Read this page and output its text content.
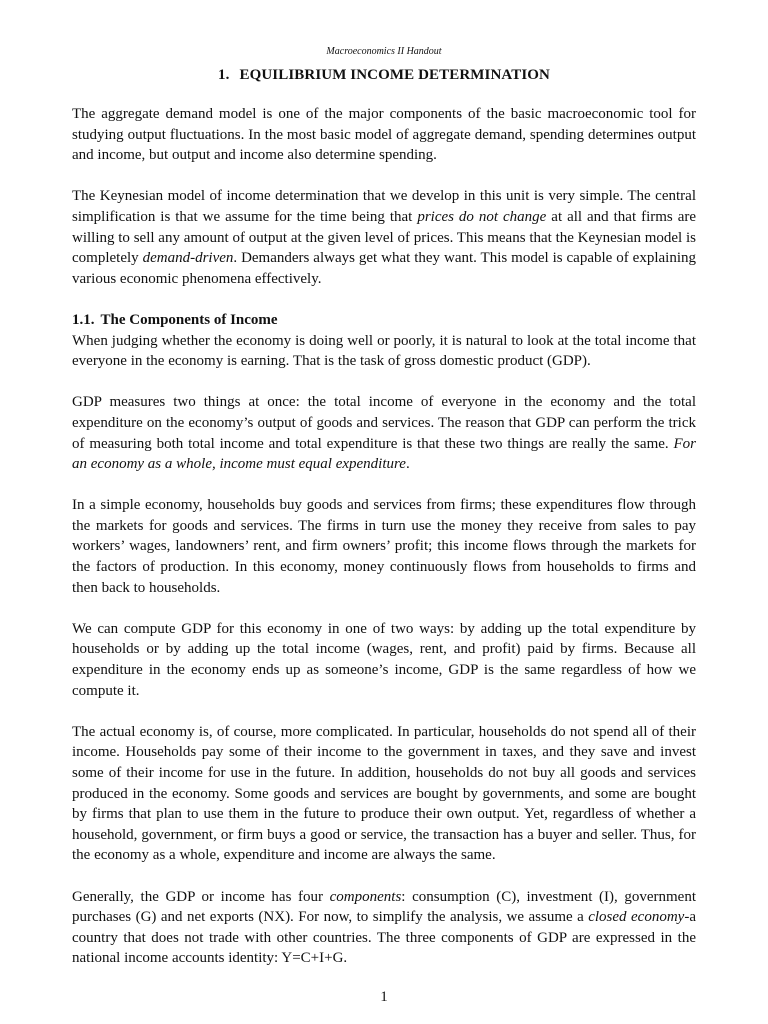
Macroeconomics II Handout
1. EQUILIBRIUM INCOME DETERMINATION

The aggregate demand model is one of the major components of the basic macroeconomic tool for studying output fluctuations. In the most basic model of aggregate demand, spending determines output and income, but output and income also determine spending.

The Keynesian model of income determination that we develop in this unit is very simple. The central simplification is that we assume for the time being that prices do not change at all and that firms are willing to sell any amount of output at the given level of prices. This means that the Keynesian model is completely demand-driven. Demanders always get what they want. This model is capable of explaining various economic phenomena effectively.

1.1. The Components of Income

When judging whether the economy is doing well or poorly, it is natural to look at the total income that everyone in the economy is earning. That is the task of gross domestic product (GDP).

GDP measures two things at once: the total income of everyone in the economy and the total expenditure on the economy’s output of goods and services. The reason that GDP can perform the trick of measuring both total income and total expenditure is that these two things are really the same. For an economy as a whole, income must equal expenditure.

In a simple economy, households buy goods and services from firms; these expenditures flow through the markets for goods and services. The firms in turn use the money they receive from sales to pay workers’ wages, landowners’ rent, and firm owners’ profit; this income flows through the markets for the factors of production. In this economy, money continuously flows from households to firms and then back to households.

We can compute GDP for this economy in one of two ways: by adding up the total expenditure by households or by adding up the total income (wages, rent, and profit) paid by firms. Because all expenditure in the economy ends up as someone’s income, GDP is the same regardless of how we compute it.

The actual economy is, of course, more complicated. In particular, households do not spend all of their income. Households pay some of their income to the government in taxes, and they save and invest some of their income for use in the future. In addition, households do not buy all goods and services produced in the economy. Some goods and services are bought by governments, and some are bought by firms that plan to use them in the future to produce their own output. Yet, regardless of whether a household, government, or firm buys a good or service, the transaction has a buyer and seller. Thus, for the economy as a whole, expenditure and income are always the same.

Generally, the GDP or income has four components: consumption (C), investment (I), government purchases (G) and net exports (NX). For now, to simplify the analysis, we assume a closed economy-a country that does not trade with other countries. The three components of GDP are expressed in the national income accounts identity: Y=C+I+G.

1
